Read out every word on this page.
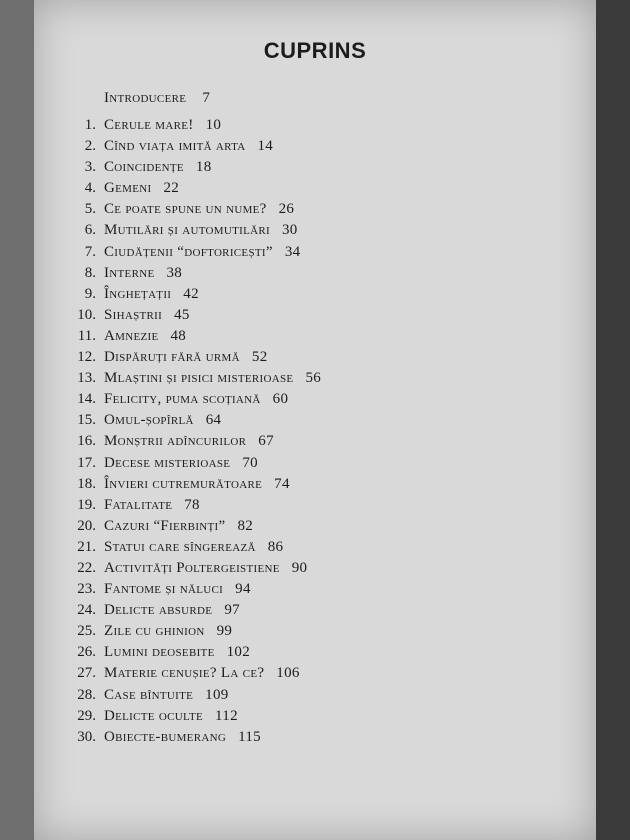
CUPRINS
Introducere 7
1. Cerule mare! 10
2. Cînd viața imită arta 14
3. Coincidențe 18
4. Gemeni 22
5. Ce poate spune un nume? 26
6. Mutilări și automutilări 30
7. Ciudățenii “doftoricești” 34
8. Interne 38
9. Înghețații 42
10. Sihaștrii 45
11. Amnezie 48
12. Dispăruți fără urmă 52
13. Mlaștini și pisici misterioase 56
14. Felicity, puma scoțiană 60
15. Omul-șopîrlă 64
16. Monștrii adîncurilor 67
17. Decese misterioase 70
18. Învieri cutremurătoare 74
19. Fatalitate 78
20. Cazuri “Fierbinți” 82
21. Statui care sîngerează 86
22. Activități Poltergeistiene 90
23. Fantome și năluci 94
24. Delicte absurde 97
25. Zile cu ghinion 99
26. Lumini deosebite 102
27. Materie cenușie? La ce? 106
28. Case bîntuite 109
29. Delicte oculte 112
30. Obiecte-bumerang 115
